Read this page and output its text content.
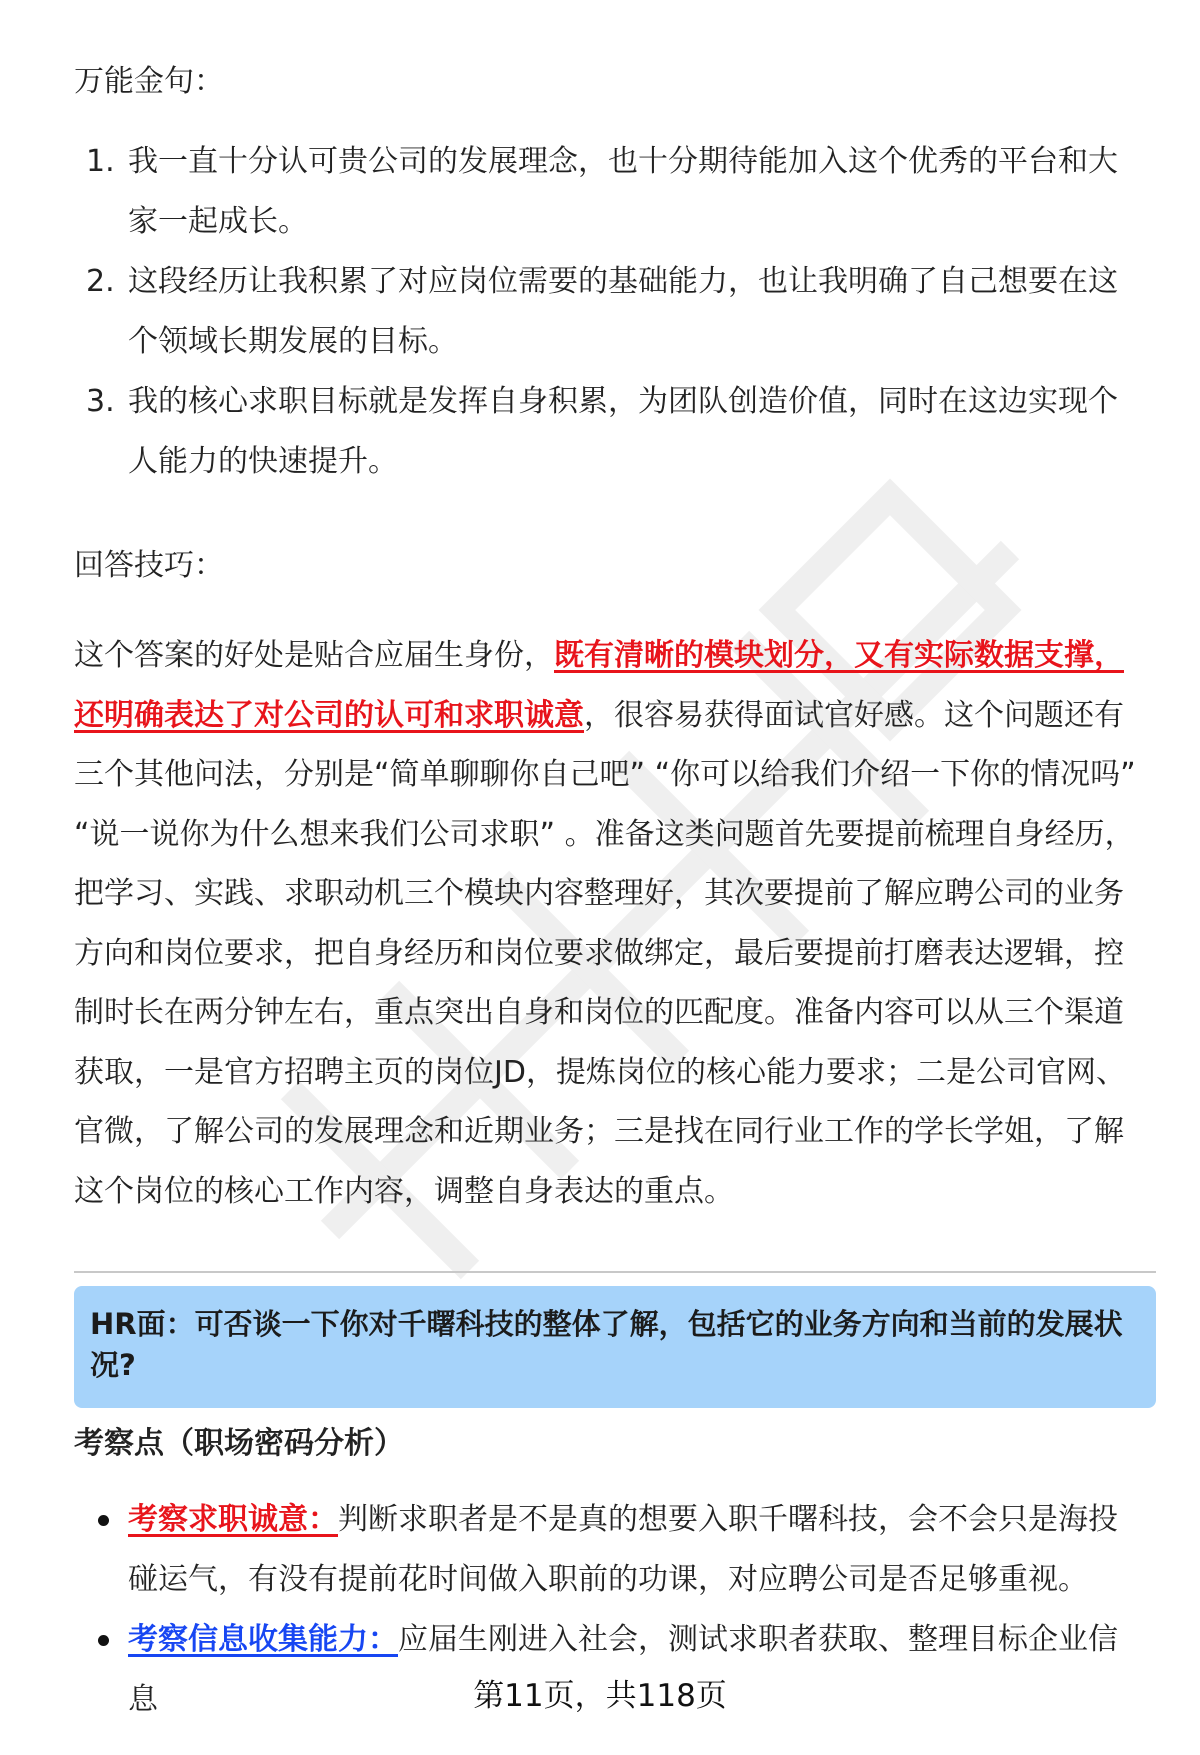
万能金句：
1. 我一直十分认可贵公司的发展理念，也十分期待能加入这个优秀的平台和大家一起成长。
2. 这段经历让我积累了对应岗位需要的基础能力，也让我明确了自己想要在这个领域长期发展的目标。
3. 我的核心求职目标就是发挥自身积累，为团队创造价值，同时在这边实现个人能力的快速提升。
回答技巧：
这个答案的好处是贴合应届生身份，既有清晰的模块划分，又有实际数据支撑，还明确表达了对公司的认可和求职诚意，很容易获得面试官好感。这个问题还有三个其他问法，分别是“简单聊聊你自己吧” “你可以给我们介绍一下你的情况吗” “说一说你为什么想来我们公司求职” 。准备这类问题首先要提前梳理自身经历，把学习、实践、求职动机三个模块内容整理好，其次要提前了解应聘公司的业务方向和岗位要求，把自身经历和岗位要求做绑定，最后要提前打磨表达逻辑，控制时长在两分钟左右，重点突出自身和岗位的匹配度。准备内容可以从三个渠道获取，一是官方招聘主页的岗位JD，提炼岗位的核心能力要求；二是公司官网、官微，了解公司的发展理念和近期业务；三是找在同行业工作的学长学姐，了解这个岗位的核心工作内容，调整自身表达的重点。
HR面：可否谈一下你对千曙科技的整体了解，包括它的业务方向和当前的发展状况?
考察点（职场密码分析）
考察求职诚意：判断求职者是不是真的想要入职千曙科技，会不会只是海投碰运气，有没有提前花时间做入职前的功课，对应聘公司是否足够重视。
考察信息收集能力：应届生刚进入社会，测试求职者获取、整理目标企业信息	第11页，共118页
